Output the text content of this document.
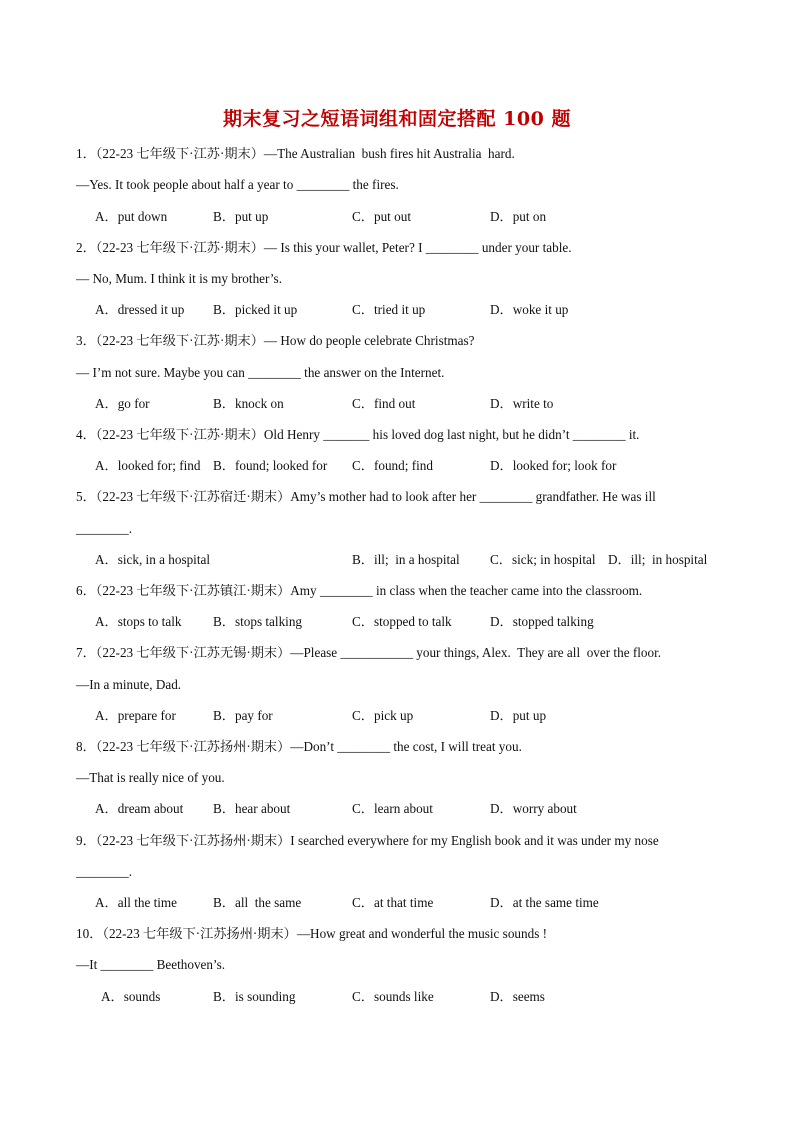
期末复习之短语词组和固定搭配 100 题
1．（22-23 七年级下·江苏·期末）—The Australian  bush fires hit Australia  hard.
—Yes. It took people about half a year to ________ the fires.
A．put down	B．put up	C．put out	D．put on
2．（22-23 七年级下·江苏·期末）— Is this your wallet, Peter? I ________ under your table.
— No, Mum. I think it is my brother’s.
A．dressed it up B．picked it up	C．tried it up	D．woke it up
3．（22-23 七年级下·江苏·期末）— How do people celebrate Christmas?
— I’m not sure. Maybe you can ________ the answer on the Internet.
A．go for	B．knock on	C．find out	D．write to
4．（22-23 七年级下·江苏·期末）Old Henry _______ his loved dog last night, but he didn’t ________ it.
A．looked for; find B．found; looked for C．found; find	D．looked for; look for
5．（22-23 七年级下·江苏宿迁·期末）Amy’s mother had to look after her ________ grandfather. He was ill
________.
A．sick, in a hospital	B．ill;  in a hospital C．sick; in hospital D．ill;  in hospital
6．（22-23 七年级下·江苏镇江·期末）Amy ________ in class when the teacher came into the classroom.
A．stops to talk B．stops talking	C．stopped to talk	D．stopped talking
7．（22-23 七年级下·江苏无锡·期末）—Please ___________ your things, Alex.  They are all  over the floor.
—In a minute, Dad.
A．prepare for	B．pay for	C．pick up	D．put up
8．（22-23 七年级下·江苏扬州·期末）—Don’t ________ the cost, I will treat you.
—That is really nice of you.
A．dream about B．hear about	C．learn about	D．worry about
9．（22-23 七年级下·江苏扬州·期末）I searched everywhere for my English book and it was under my nose
________.
A．all the time	B．all  the same	C．at that time	D．at the same time
10．（22-23 七年级下·江苏扬州·期末）—How great and wonderful the music sounds !
—It ________ Beethoven’s.
A．sounds	B．is sounding	C．sounds like	D．seems
